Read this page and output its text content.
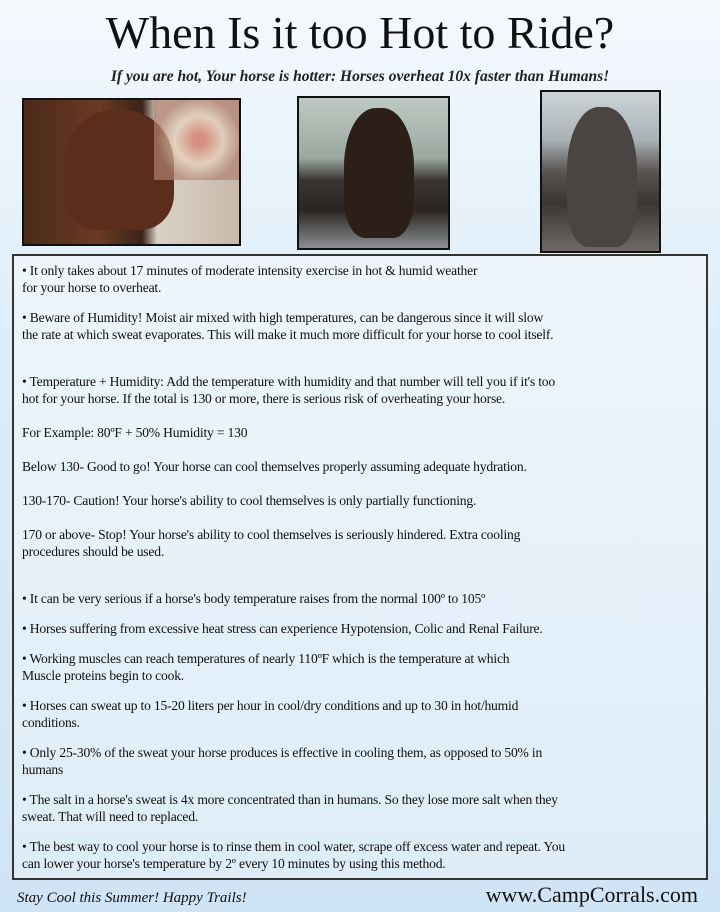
When Is it too Hot to Ride?
If you are hot, Your horse is hotter: Horses overheat 10x faster than Humans!

• It only takes about 17 minutes of moderate intensity exercise in hot & humid weather
for your horse to overheat.

• Beware of Humidity! Moist air mixed with high temperatures, can be dangerous since it will slow
the rate at which sweat evaporates. This will make it much more difficult for your horse to cool itself.

• Temperature + Humidity: Add the temperature with humidity and that number will tell you if it's too
hot for your horse. If the total is 130 or more, there is serious risk of overheating your horse.

For Example: 80ºF + 50% Humidity = 130

Below 130- Good to go! Your horse can cool themselves properly assuming adequate hydration.

130-170- Caution! Your horse's ability to cool themselves is only partially functioning.

170 or above- Stop! Your horse's ability to cool themselves is seriously hindered. Extra cooling
procedures should be used.

• It can be very serious if a horse's body temperature raises from the normal 100º to 105º

• Horses suffering from excessive heat stress can experience Hypotension, Colic and Renal Failure.

• Working muscles can reach temperatures of nearly 110ºF which is the temperature at which
Muscle proteins begin to cook.

• Horses can sweat up to 15-20 liters per hour in cool/dry conditions and up to 30 in hot/humid
conditions.

• Only 25-30% of the sweat your horse produces is effective in cooling them, as opposed to 50% in
humans

• The salt in a horse's sweat is 4x more concentrated than in humans. So they lose more salt when they
sweat. That will need to replaced.

• The best way to cool your horse is to rinse them in cool water, scrape off excess water and repeat. You
can lower your horse's temperature by 2º every 10 minutes by using this method.

Stay Cool this Summer! Happy Trails!	www.CampCorrals.com
